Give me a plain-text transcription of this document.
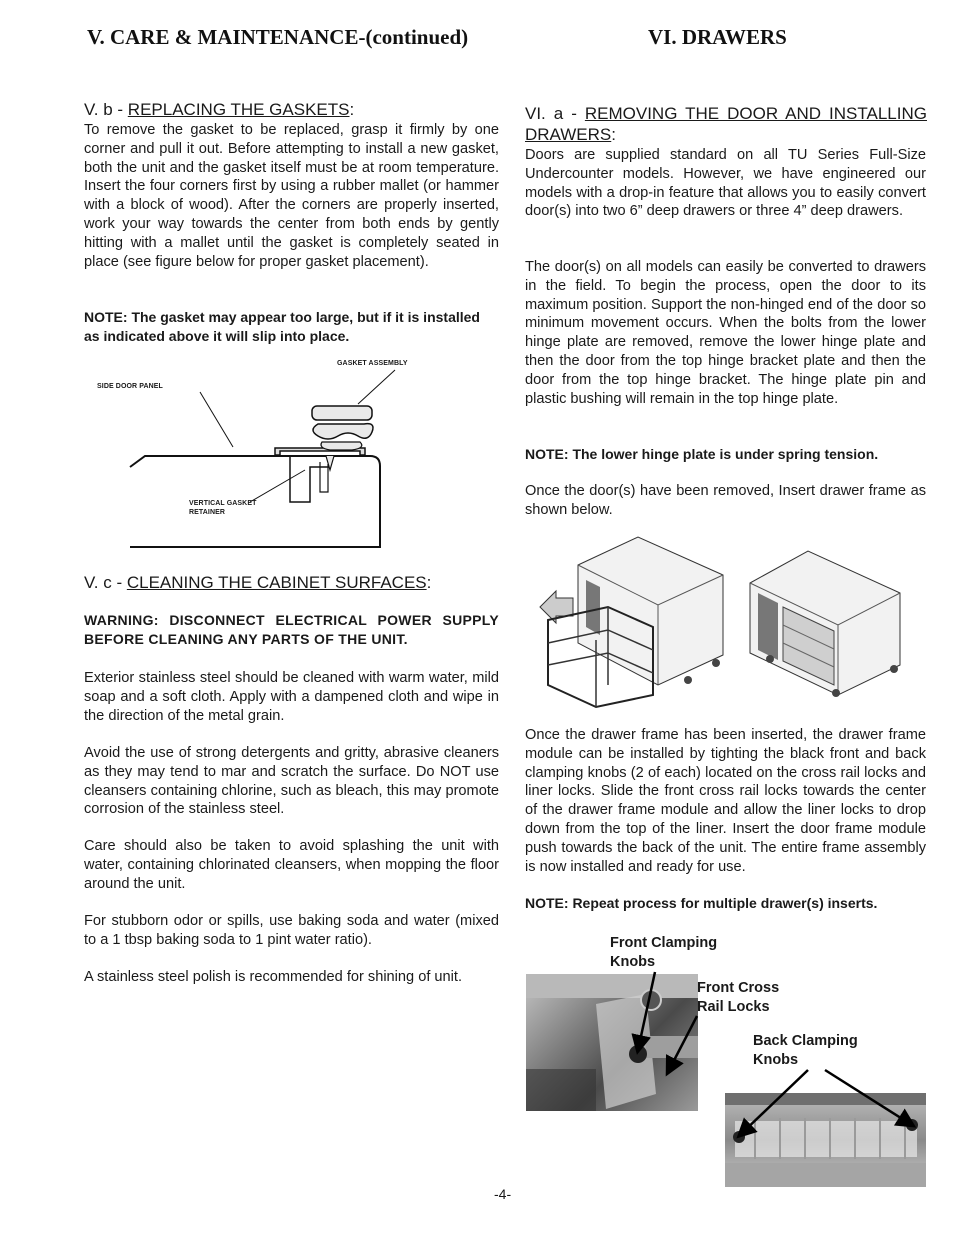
V. CARE & MAINTENANCE-(continued)	VI. DRAWERS
V. b - REPLACING THE GASKETS:
To remove the gasket to be replaced, grasp it firmly by one corner and pull it out. Before attempting to install a new gasket, both the unit and the gasket itself must be at room temperature. Insert the four corners first by using a rubber mallet (or hammer with a block of wood). After the corners are properly inserted, work your way towards the center from both ends by gently hitting with a mallet until the gasket is completely seated in place (see figure below for proper gasket placement).
NOTE: The gasket may appear too large, but if it is installed as indicated above it will slip into place.
GASKET ASSEMBLY
SIDE DOOR PANEL
VERTICAL GASKET
RETAINER
V. c - CLEANING THE CABINET SURFACES:
WARNING: DISCONNECT ELECTRICAL POWER SUPPLY BEFORE CLEANING ANY PARTS OF THE UNIT.
Exterior stainless steel should be cleaned with warm water, mild soap and a soft cloth. Apply with a dampened cloth and wipe in the direction of the metal grain.
Avoid the use of strong detergents and gritty, abrasive cleaners as they may tend to mar and scratch the surface. Do NOT use cleansers containing chlorine, such as bleach, this may promote corrosion of the stainless steel.
Care should also be taken to avoid splashing the unit with water, containing chlorinated cleansers, when mopping the floor around the unit.
For stubborn odor or spills, use baking soda and water (mixed to a 1 tbsp baking soda to 1 pint water ratio).
A stainless steel polish is recommended for shining of unit.
VI. a - REMOVING THE DOOR AND INSTALLING DRAWERS:
Doors are supplied standard on all TU Series Full-Size Undercounter models. However, we have engineered our models with a drop-in feature that allows you to easily convert door(s) into two 6” deep drawers or three 4” deep drawers.
The door(s) on all models can easily be converted to drawers in the field. To begin the process, open the door to its maximum position. Support the non-hinged end of the door so minimum movement occurs. When the bolts from the lower hinge plate are removed, remove the lower hinge plate and then the door from the top hinge bracket plate and then the door from the top hinge bracket. The hinge plate pin and plastic bushing will remain in the top hinge plate.
NOTE: The lower hinge plate is under spring tension.
Once the door(s) have been removed, Insert drawer frame as shown below.
Once the drawer frame has been inserted, the drawer frame module can be installed by tighting the black front and back clamping knobs (2 of each) located on the cross rail locks and liner locks. Slide the front cross rail locks towards the center of the drawer frame module and allow the liner locks to drop down from the top of the liner. Insert the door frame module push towards the back of the unit. The entire frame assembly is now installed and ready for use.
NOTE: Repeat process for multiple drawer(s) inserts.
Front Clamping
Knobs
Front Cross
Rail Locks
Back Clamping
Knobs
-4-
